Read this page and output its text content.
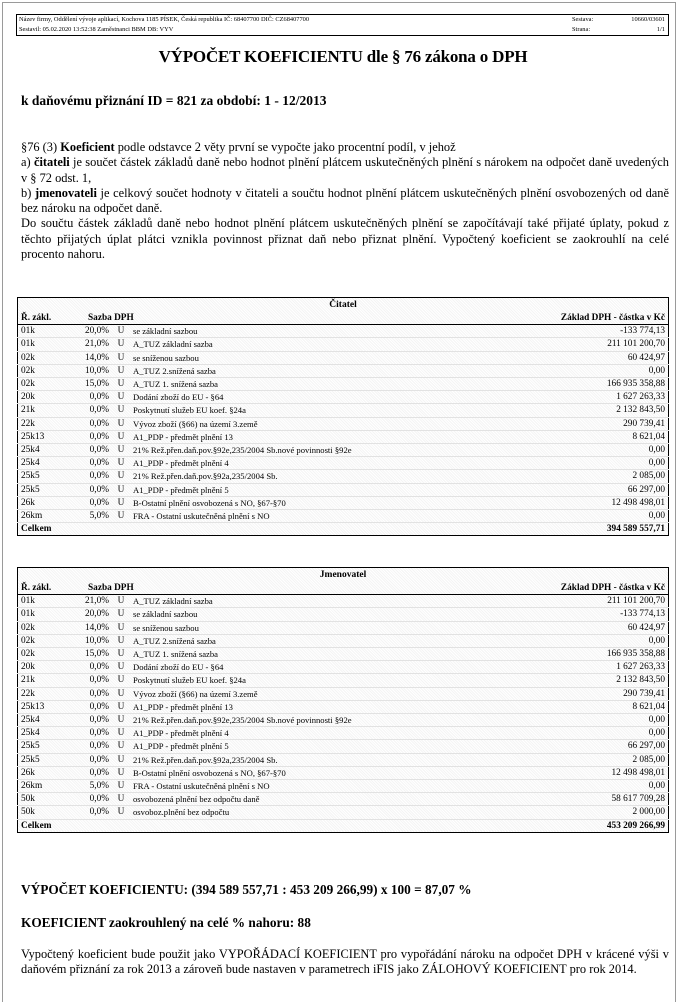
Název firmy, Oddělení vývoje aplikací, Kochova 1185 PÍSEK, Česká republika IČ: 68407700 DIČ: CZ68407700	Sestava:	10660/03601
Sestavil: 05.02.2020 13:52:38 Zaměstnanci BBM DB: VYV	Strana:	1/1
VÝPOČET KOEFICIENTU dle § 76 zákona o DPH
k daňovému přiznání ID = 821 za období: 1 - 12/2013

§76 (3) Koeficient podle odstavce 2 věty první se vypočte jako procentní podíl, v jehož

a) čitateli je součet částek základů daně nebo hodnot plnění plátcem uskutečněných plnění s nárokem na odpočet daně uvedených v § 72 odst. 1,

b) jmenovateli je celkový součet hodnoty v čitateli a součtu hodnot plnění plátcem uskutečněných plnění osvobozených od daně bez nároku na odpočet daně.

Do součtu částek základů daně nebo hodnot plnění plátcem uskutečněných plnění se započítávají také přijaté úplaty, pokud z těchto přijatých úplat plátci vznikla povinnost přiznat daň nebo přiznat plnění. Vypočtený koeficient se zaokrouhlí na celé procento nahoru.

Čitatel				
Ř. zákl.	Sazba DPH			Základ DPH - částka v Kč
01k	20,0%	U	se základní sazbou	-133 774,13
01k	21,0%	U	A_TUZ základní sazba	211 101 200,70
02k	14,0%	U	se sníženou sazbou	60 424,97
02k	10,0%	U	A_TUZ 2.snížená sazba	0,00
02k	15,0%	U	A_TUZ 1. snížená sazba	166 935 358,88
20k	0,0%	U	Dodání zboží do EU - §64	1 627 263,33
21k	0,0%	U	Poskytnutí služeb EU koef. §24a	2 132 843,50
22k	0,0%	U	Vývoz zboží (§66) na území 3.země	290 739,41
25k13	0,0%	U	A1_PDP - předmět plnění 13	8 621,04
25k4	0,0%	U	21% Rež.přen.daň.pov.§92e,235/2004 Sb.nové povinnosti §92e	0,00
25k4	0,0%	U	A1_PDP - předmět plnění 4	0,00
25k5	0,0%	U	21% Rež.přen.daň.pov.§92a,235/2004 Sb.	2 085,00
25k5	0,0%	U	A1_PDP - předmět plnění 5	66 297,00
26k	0,0%	U	B-Ostatní plnění osvobozená s NO, §67-§70	12 498 498,01
26km	5,0%	U	FRA - Ostatní uskutečněná plnění s NO	0,00
Celkem				394 589 557,71
Jmenovatel				
Ř. zákl.	Sazba DPH			Základ DPH - částka v Kč
01k	21,0%	U	A_TUZ základní sazba	211 101 200,70
01k	20,0%	U	se základní sazbou	-133 774,13
02k	14,0%	U	se sníženou sazbou	60 424,97
02k	10,0%	U	A_TUZ 2.snížená sazba	0,00
02k	15,0%	U	A_TUZ 1. snížená sazba	166 935 358,88
20k	0,0%	U	Dodání zboží do EU - §64	1 627 263,33
21k	0,0%	U	Poskytnutí služeb EU koef. §24a	2 132 843,50
22k	0,0%	U	Vývoz zboží (§66) na území 3.země	290 739,41
25k13	0,0%	U	A1_PDP - předmět plnění 13	8 621,04
25k4	0,0%	U	21% Rež.přen.daň.pov.§92e,235/2004 Sb.nové povinnosti §92e	0,00
25k4	0,0%	U	A1_PDP - předmět plnění 4	0,00
25k5	0,0%	U	A1_PDP - předmět plnění 5	66 297,00
25k5	0,0%	U	21% Rež.přen.daň.pov.§92a,235/2004 Sb.	2 085,00
26k	0,0%	U	B-Ostatní plnění osvobozená s NO, §67-§70	12 498 498,01
26km	5,0%	U	FRA - Ostatní uskutečněná plnění s NO	0,00
50k	0,0%	U	osvobozená plnění bez odpočtu daně	58 617 709,28
50k	0,0%	U	osvoboz.plnění bez odpočtu	2 000,00
Celkem				453 209 266,99
VÝPOČET KOEFICIENTU: (394 589 557,71 : 453 209 266,99) x 100 = 87,07 %
KOEFICIENT zaokrouhlený na celé % nahoru: 88
Vypočtený koeficient bude použit jako VYPOŘÁDACÍ KOEFICIENT pro vypořádání nároku na odpočet DPH v krácené výši v daňovém přiznání za rok 2013 a zároveň bude nastaven v parametrech iFIS jako ZÁLOHOVÝ KOEFICIENT pro rok 2014.
